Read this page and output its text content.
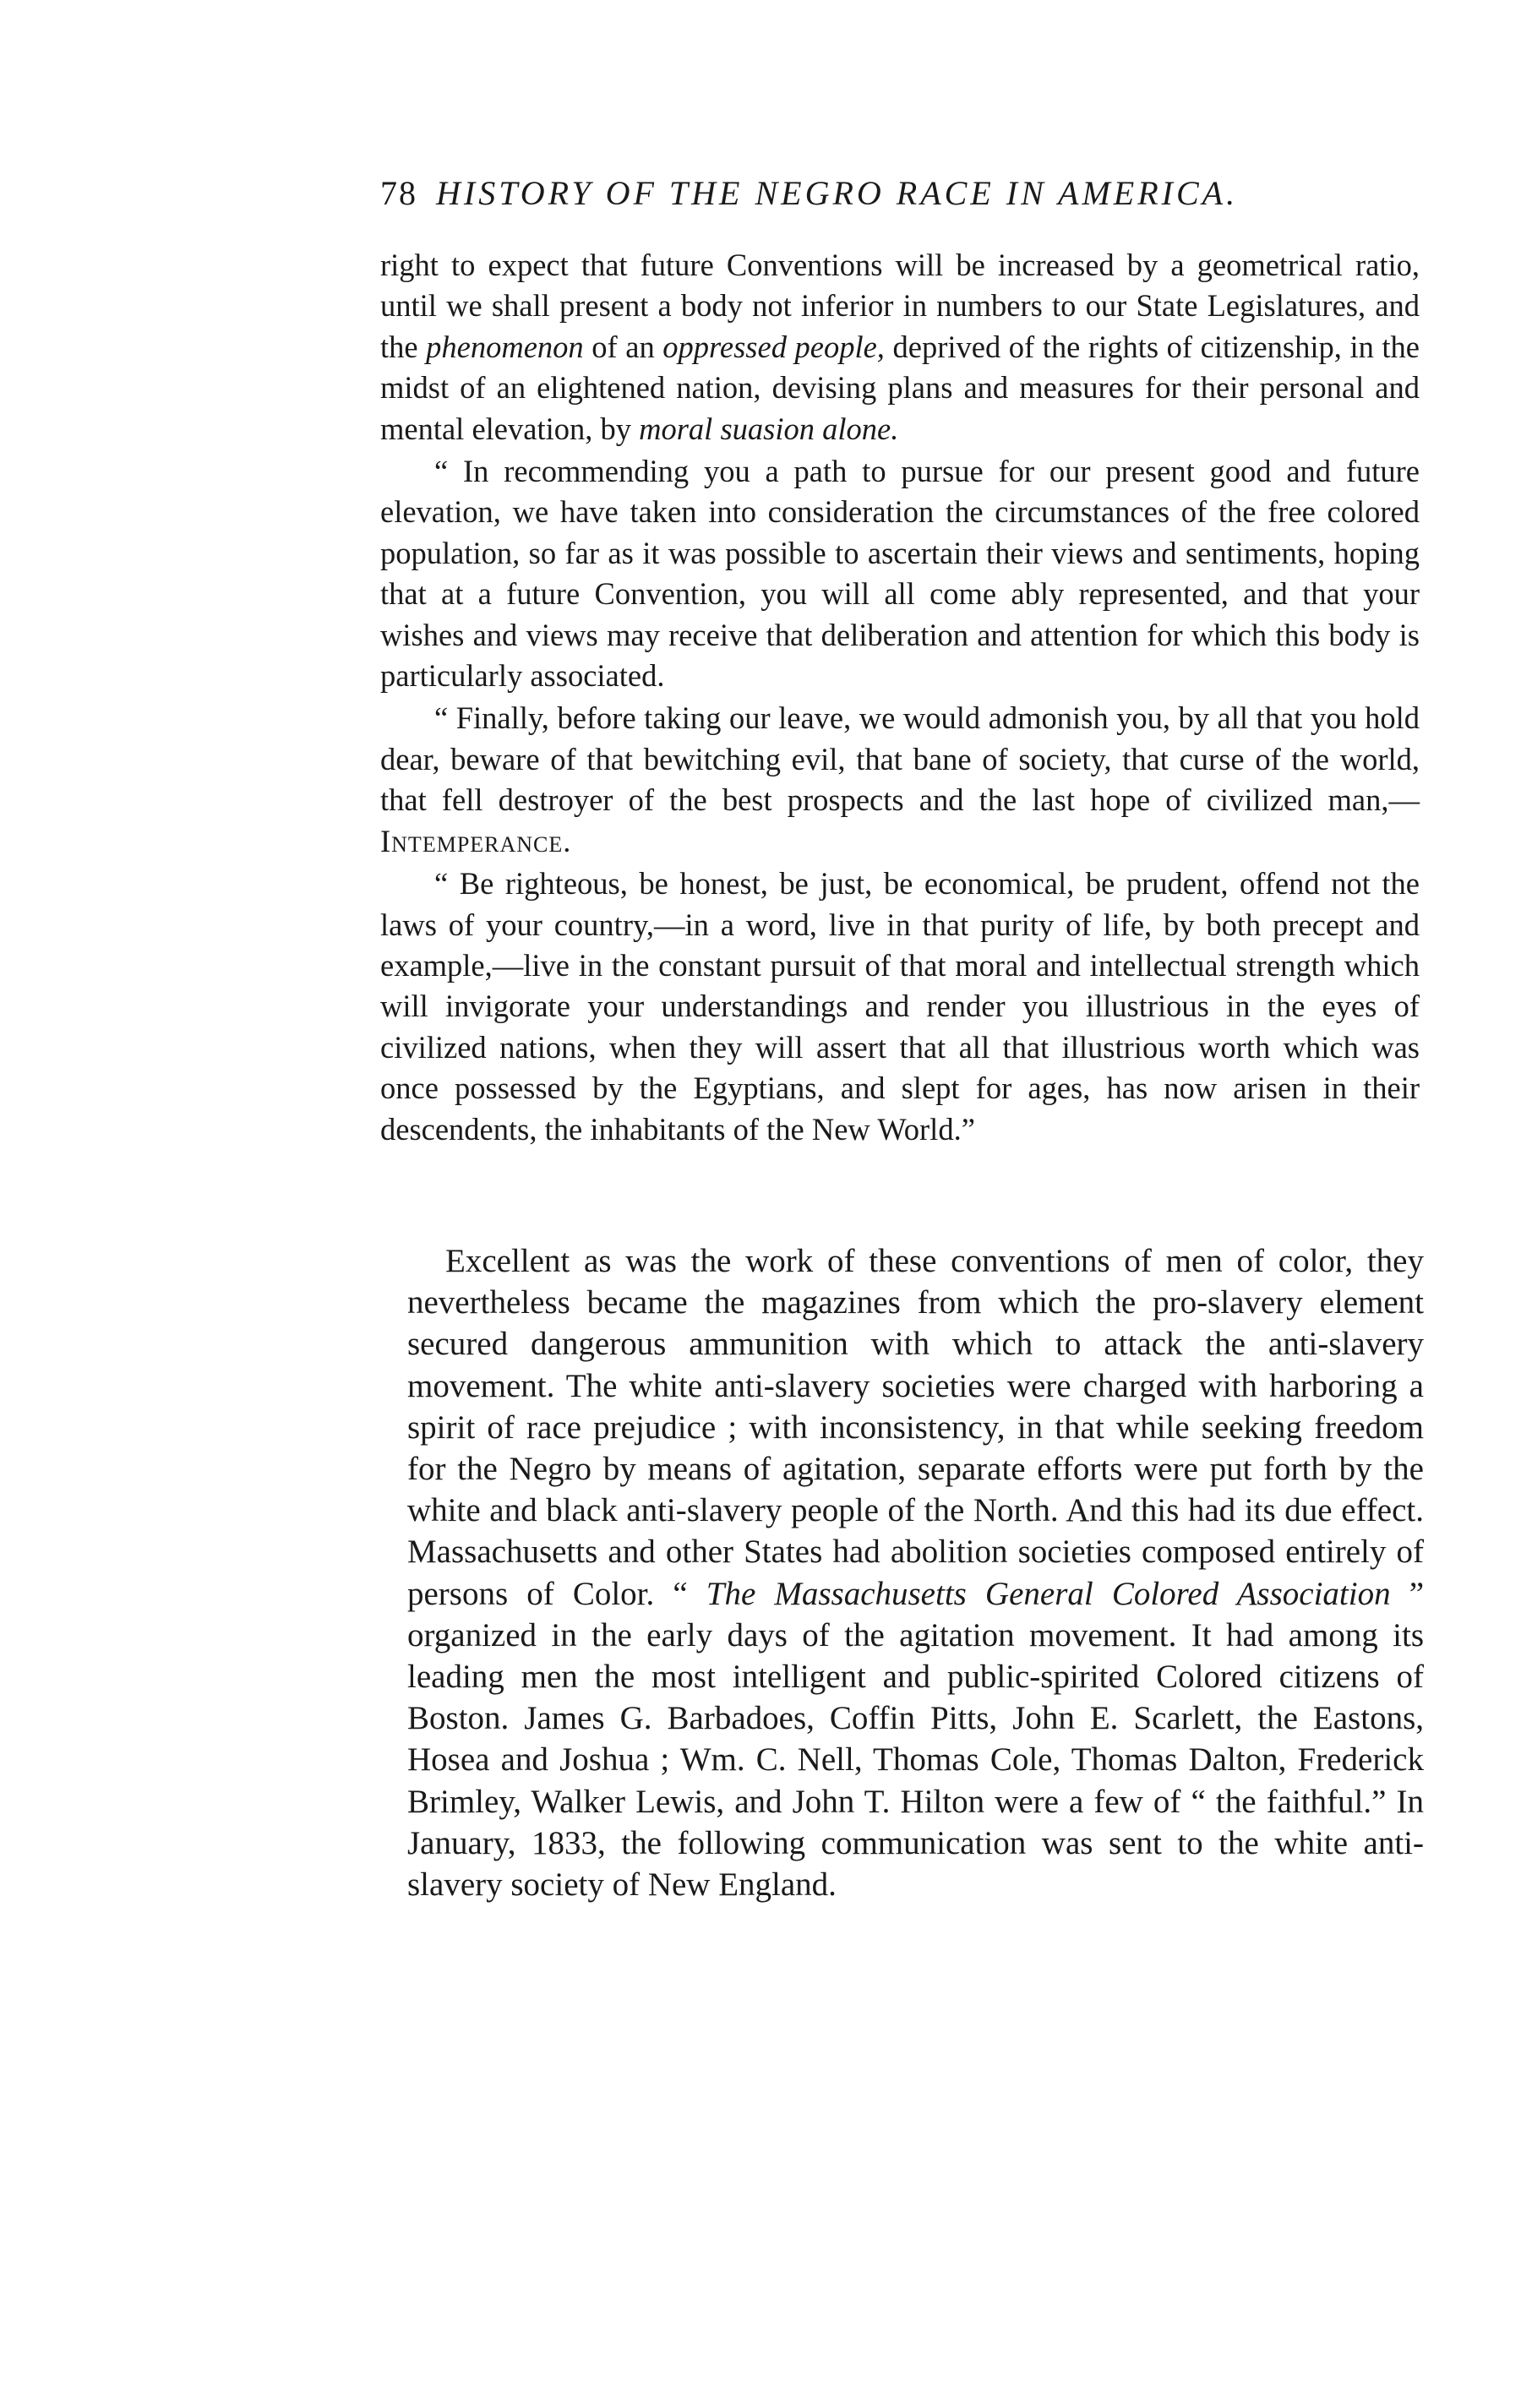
78 HISTORY OF THE NEGRO RACE IN AMERICA.

right to expect that future Conventions will be increased by a geometrical ratio, until we shall present a body not inferior in numbers to our State Legislatures, and the phenomenon of an oppressed people, deprived of the rights of citizenship, in the midst of an elightened nation, devising plans and measures for their personal and mental elevation, by moral suasion alone.

“ In recommending you a path to pursue for our present good and future elevation, we have taken into consideration the circumstances of the free colored population, so far as it was possible to ascertain their views and sentiments, hoping that at a future Convention, you will all come ably represented, and that your wishes and views may receive that deliberation and attention for which this body is particularly associated.

“ Finally, before taking our leave, we would admonish you, by all that you hold dear, beware of that bewitching evil, that bane of society, that curse of the world, that fell destroyer of the best prospects and the last hope of civilized man,—Intemperance.

“ Be righteous, be honest, be just, be economical, be prudent, offend not the laws of your country,—in a word, live in that purity of life, by both precept and example,—live in the constant pursuit of that moral and intellectual strength which will invigorate your understandings and render you illustrious in the eyes of civilized nations, when they will assert that all that illustrious worth which was once possessed by the Egyptians, and slept for ages, has now arisen in their descendents, the inhabitants of the New World.”

Excellent as was the work of these conventions of men of color, they nevertheless became the magazines from which the pro-slavery element secured dangerous ammunition with which to attack the anti-slavery movement. The white anti-slavery societies were charged with harboring a spirit of race prejudice ; with inconsistency, in that while seeking freedom for the Negro by means of agitation, separate efforts were put forth by the white and black anti-slavery people of the North. And this had its due effect. Massachusetts and other States had abolition societies composed entirely of persons of Color. “ The Massachusetts General Colored Association ” organized in the early days of the agitation movement. It had among its leading men the most intelligent and public-spirited Colored citizens of Boston. James G. Barbadoes, Coffin Pitts, John E. Scarlett, the Eastons, Hosea and Joshua ; Wm. C. Nell, Thomas Cole, Thomas Dalton, Frederick Brimley, Walker Lewis, and John T. Hilton were a few of “ the faithful.” In January, 1833, the following communication was sent to the white anti-slavery society of New England.
